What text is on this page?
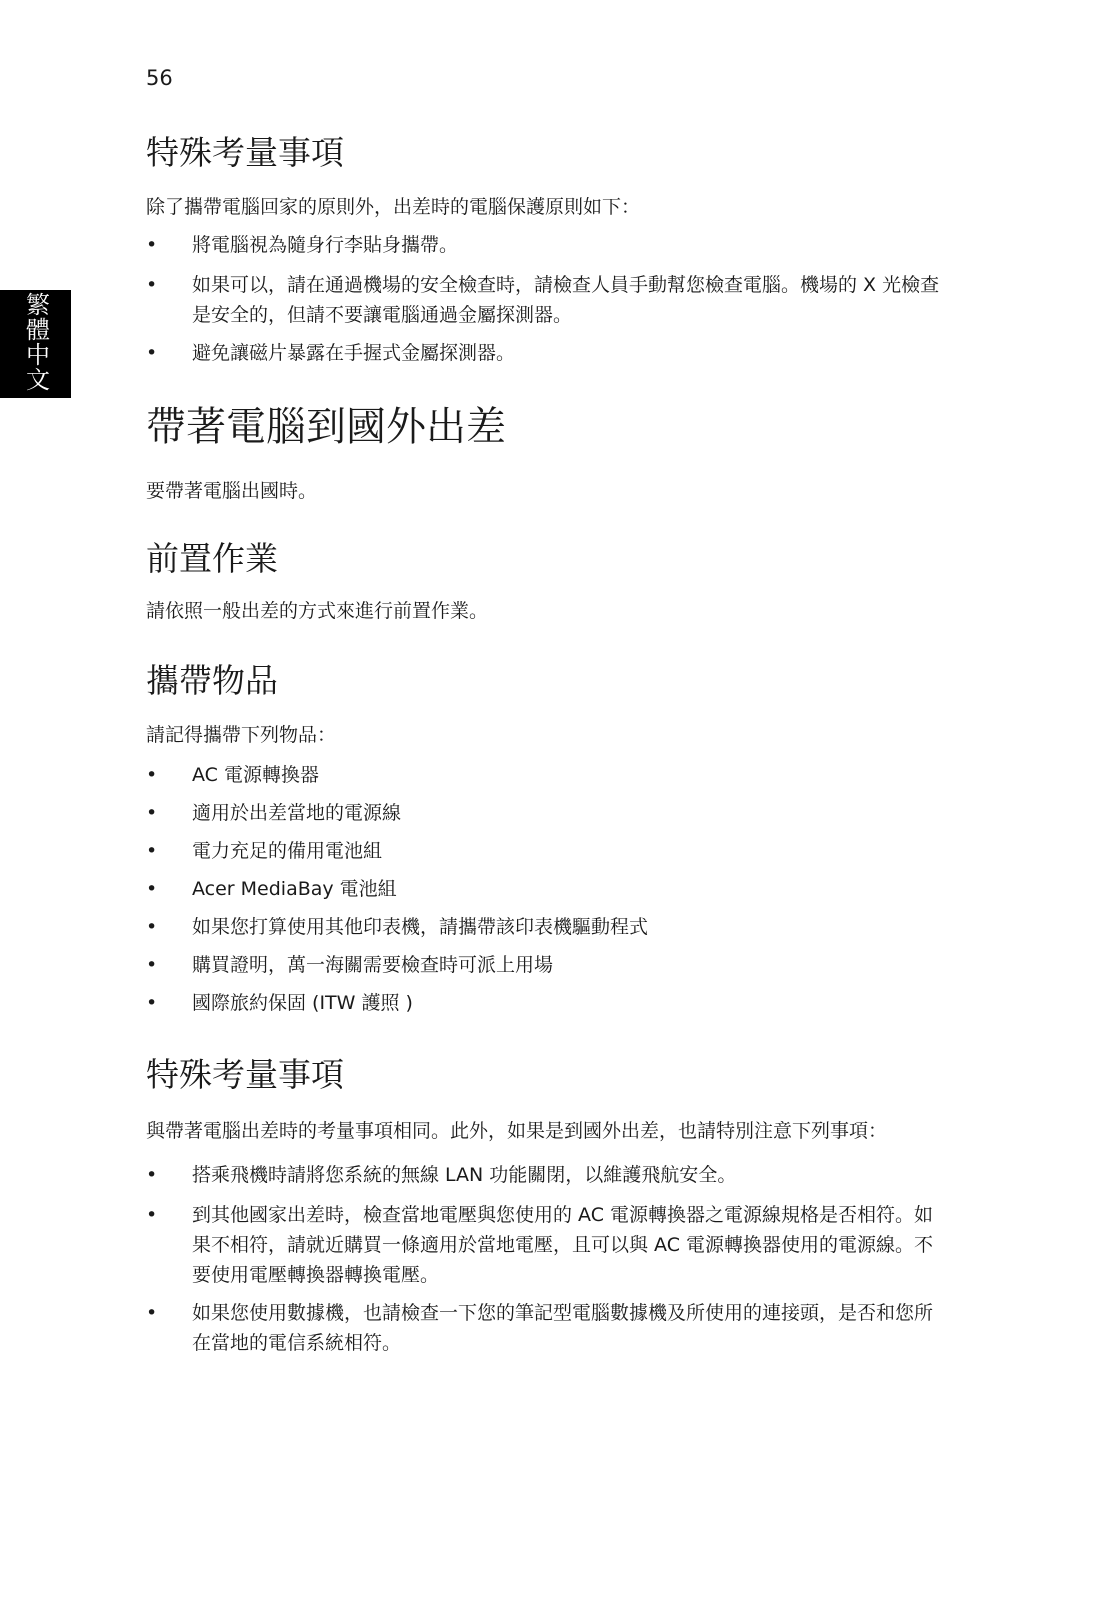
56
繁體中文
特殊考量事項

除了攜帶電腦回家的原則外，出差時的電腦保護原則如下：

• 將電腦視為隨身行李貼身攜帶。
• 如果可以，請在通過機場的安全檢查時，請檢查人員手動幫您檢查電腦。機場的 X 光檢查是安全的，但請不要讓電腦通過金屬探測器。
• 避免讓磁片暴露在手握式金屬探測器。
帶著電腦到國外出差

要帶著電腦出國時。

前置作業

請依照一般出差的方式來進行前置作業。

攜帶物品

請記得攜帶下列物品：

• AC 電源轉換器
• 適用於出差當地的電源線
• 電力充足的備用電池組
• Acer MediaBay 電池組
• 如果您打算使用其他印表機，請攜帶該印表機驅動程式
• 購買證明，萬一海關需要檢查時可派上用場
• 國際旅約保固 (ITW 護照 )
特殊考量事項

與帶著電腦出差時的考量事項相同。此外，如果是到國外出差，也請特別注意下列事項：

• 搭乘飛機時請將您系統的無線 LAN 功能關閉，以維護飛航安全。
• 到其他國家出差時，檢查當地電壓與您使用的 AC 電源轉換器之電源線規格是否相符。如果不相符，請就近購買一條適用於當地電壓，且可以與 AC 電源轉換器使用的電源線。不要使用電壓轉換器轉換電壓。
• 如果您使用數據機，也請檢查一下您的筆記型電腦數據機及所使用的連接頭，是否和您所在當地的電信系統相符。
